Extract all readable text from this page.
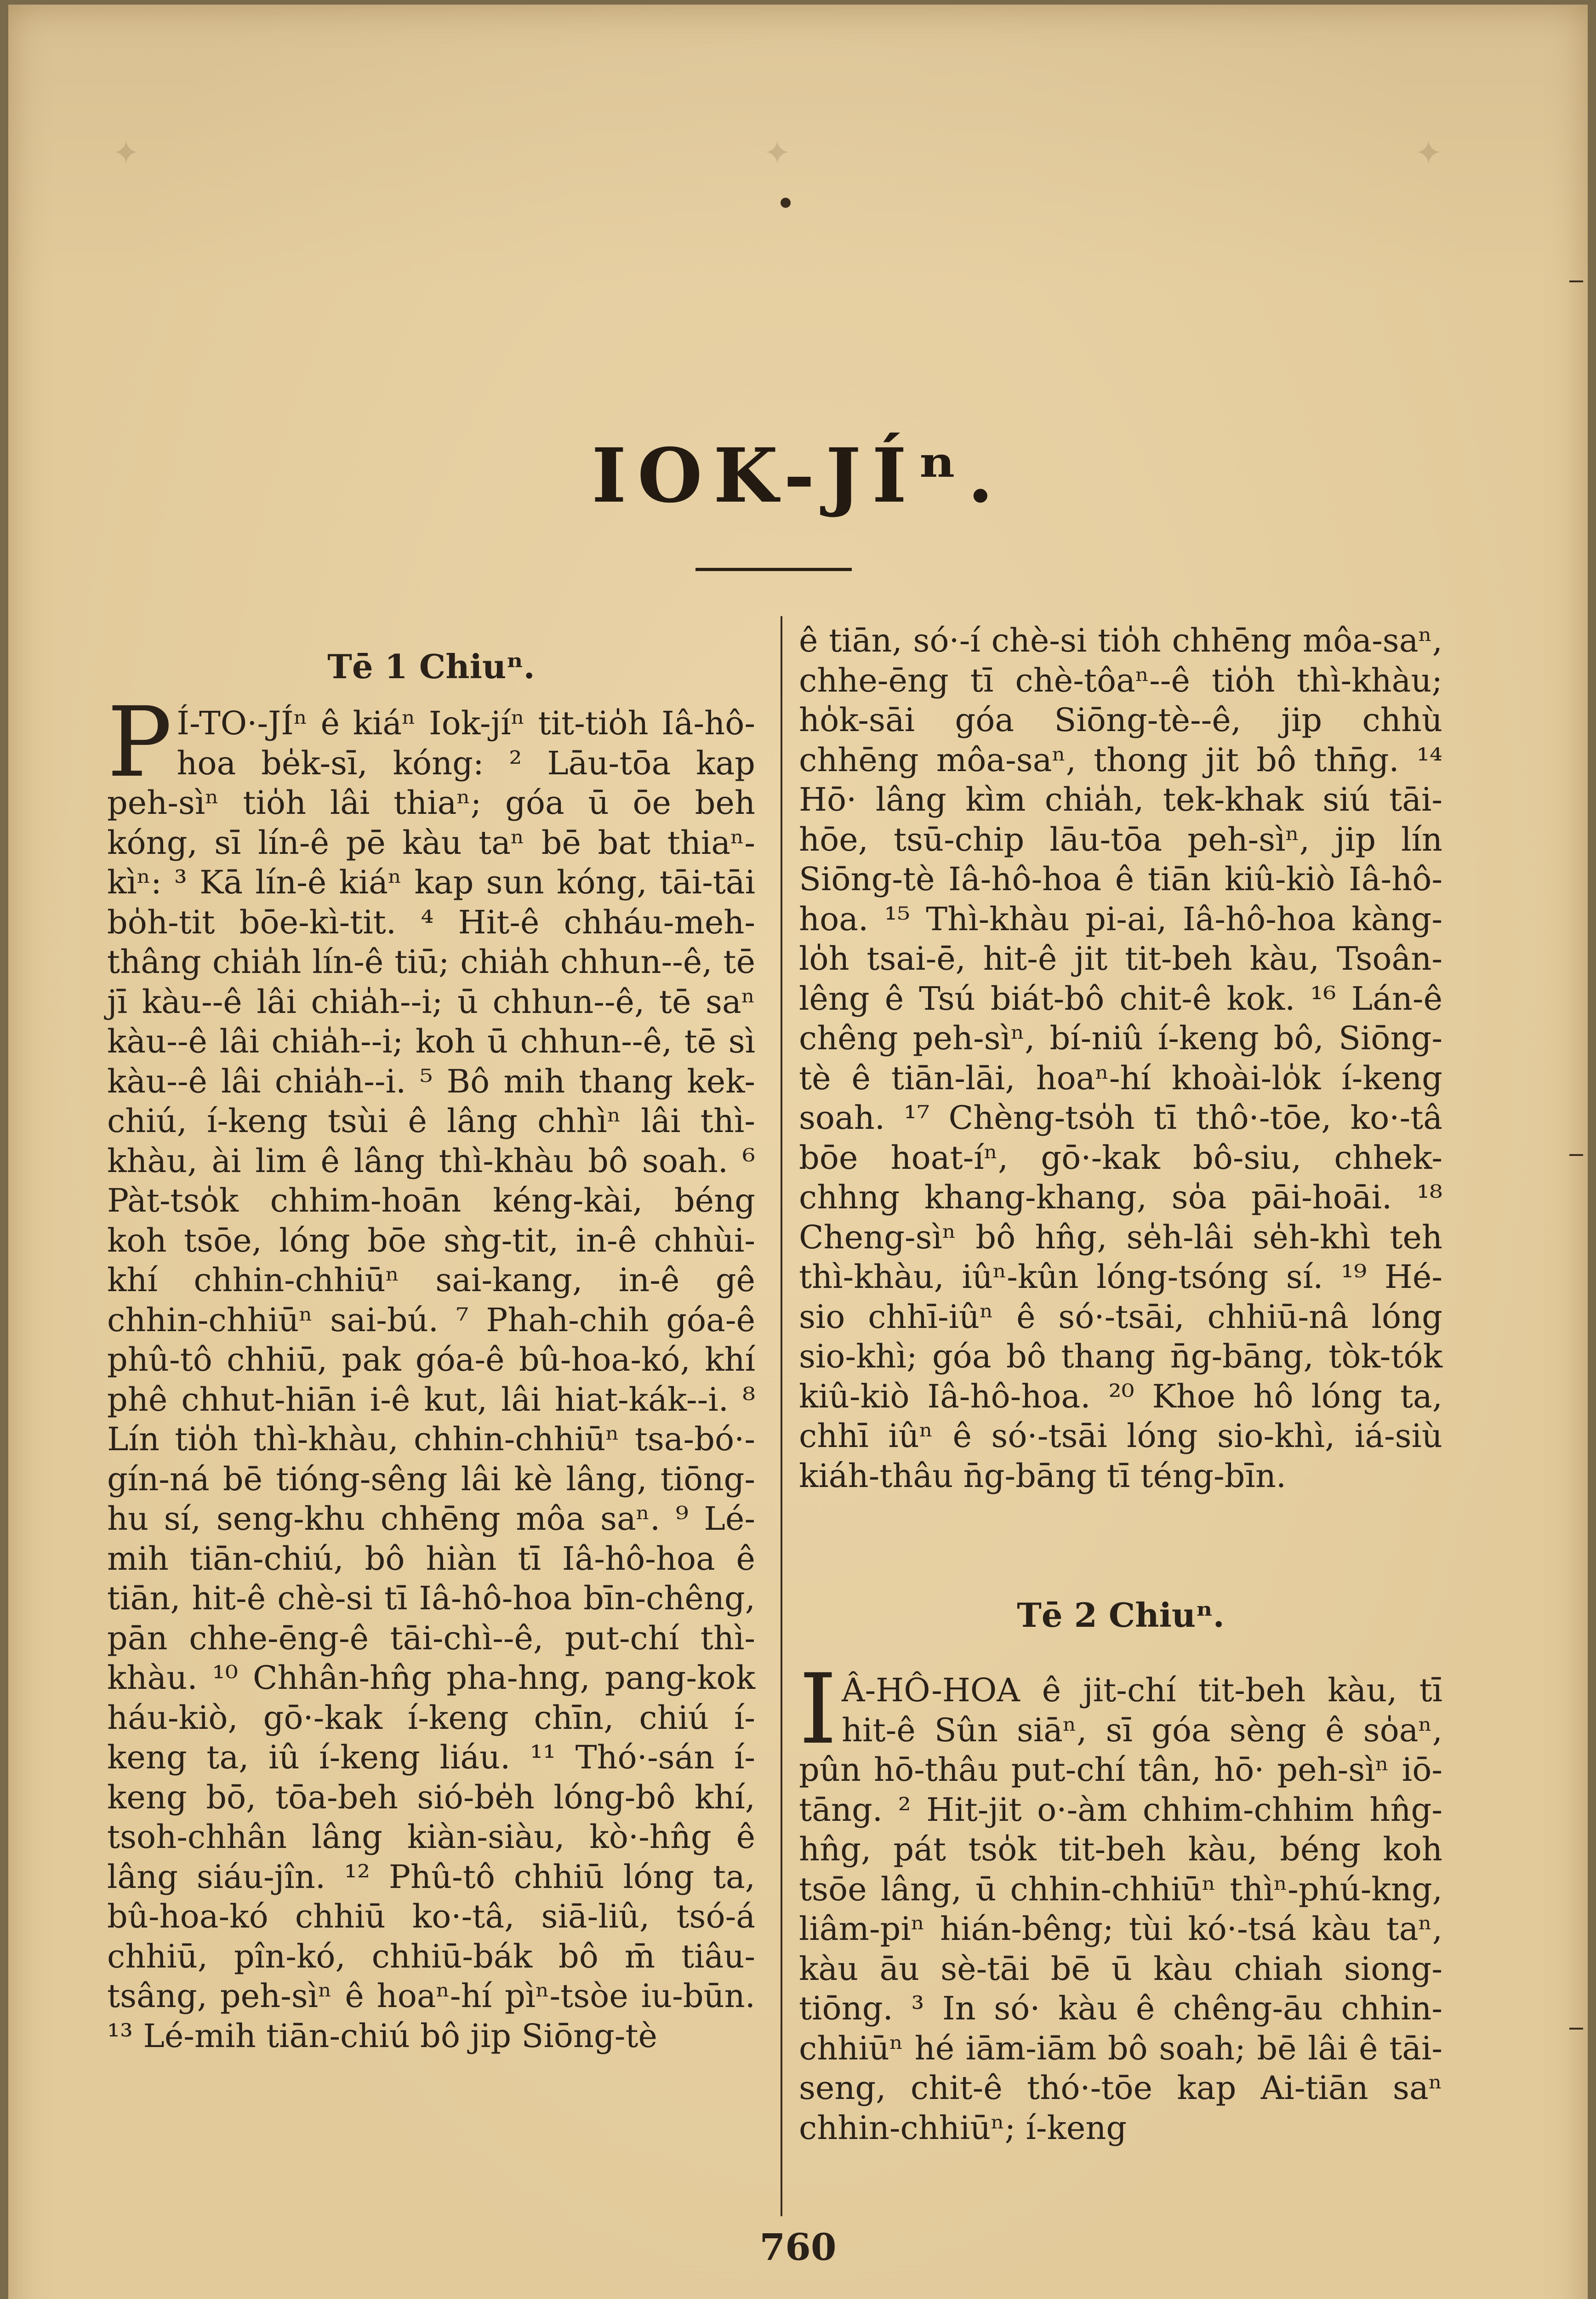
✦
✦
✦
IOK-JÍⁿ.
Tē 1 Chiuⁿ.

P Í-TO·-JÍⁿ ê kiáⁿ Iok-jíⁿ tit-tio̍h Iâ-hô-hoa be̍k-sī, kóng: ² Lāu-tōa kap peh-sìⁿ tio̍h lâi thiaⁿ; góa ū ōe beh kóng, sī lín-ê pē kàu taⁿ bē bat thiaⁿ-kìⁿ: ³ Kā lín-ê kiáⁿ kap sun kóng, tāi-tāi bo̍h-tit bōe-kì-tit. ⁴ Hit-ê chháu-meh-thâng chia̍h lín-ê tiū; chia̍h chhun--ê, tē jī kàu--ê lâi chia̍h--i; ū chhun--ê, tē saⁿ kàu--ê lâi chia̍h--i; koh ū chhun--ê, tē sì kàu--ê lâi chia̍h--i. ⁵ Bô mih thang kek-chiú, í-keng tsùi ê lâng chhìⁿ lâi thì-khàu, ài lim ê lâng thì-khàu bô soah. ⁶ Pàt-tso̍k chhim-hoān kéng-kài, béng koh tsōe, lóng bōe sǹg-tit, in-ê chhùi-khí chhin-chhiūⁿ sai-kang, in-ê gê chhin-chhiūⁿ sai-bú. ⁷ Phah-chih góa-ê phû-tô chhiū, pak góa-ê bû-hoa-kó, khí phê chhut-hiān i-ê kut, lâi hiat-kák--i. ⁸ Lín tio̍h thì-khàu, chhin-chhiūⁿ tsa-bó·-gín-ná bē tióng-sêng lâi kè lâng, tiōng-hu sí, seng-khu chhēng môa saⁿ. ⁹ Lé-mih tiān-chiú, bô hiàn tī Iâ-hô-hoa ê tiān, hit-ê chè-si tī Iâ-hô-hoa bīn-chêng, pān chhe-ēng-ê tāi-chì--ê, put-chí thì-khàu. ¹⁰ Chhân-hn̂g pha-hng, pang-kok háu-kiò, gō·-kak í-keng chīn, chiú í-keng ta, iû í-keng liáu. ¹¹ Thó·-sán í-keng bō, tōa-beh sió-be̍h lóng-bô khí, tsoh-chhân lâng kiàn-siàu, kò·-hn̂g ê lâng siáu-jîn. ¹² Phû-tô chhiū lóng ta, bû-hoa-kó chhiū ko·-tâ, siā-liû, tsó-á chhiū, pîn-kó, chhiū-bák bô m̄ tiâu-tsâng, peh-sìⁿ ê hoaⁿ-hí pìⁿ-tsòe iu-būn. ¹³ Lé-mih tiān-chiú bô jip Siōng-tè

ê tiān, só·-í chè-si tio̍h chhēng môa-saⁿ, chhe-ēng tī chè-tôaⁿ--ê tio̍h thì-khàu; ho̍k-sāi góa Siōng-tè--ê, jip chhù chhēng môa-saⁿ, thong jit bô thn̄g. ¹⁴ Hō· lâng kìm chia̍h, tek-khak siú tāi-hōe, tsū-chip lāu-tōa peh-sìⁿ, jip lín Siōng-tè Iâ-hô-hoa ê tiān kiû-kiò Iâ-hô-hoa. ¹⁵ Thì-khàu pi-ai, Iâ-hô-hoa kàng-lo̍h tsai-ē, hit-ê jit tit-beh kàu, Tsoân-lêng ê Tsú biát-bô chit-ê kok. ¹⁶ Lán-ê chêng peh-sìⁿ, bí-niû í-keng bô, Siōng-tè ê tiān-lāi, hoaⁿ-hí khoài-lo̍k í-keng soah. ¹⁷ Chèng-tso̍h tī thô·-tōe, ko·-tâ bōe hoat-íⁿ, gō·-kak bô-siu, chhek-chhng khang-khang, so̍a pāi-hoāi. ¹⁸ Cheng-sìⁿ bô hn̂g, se̍h-lâi se̍h-khì teh thì-khàu, iûⁿ-kûn lóng-tsóng sí. ¹⁹ Hé-sio chhī-iûⁿ ê só·-tsāi, chhiū-nâ lóng sio-khì; góa bô thang n̄g-bāng, tòk-tók kiû-kiò Iâ-hô-hoa. ²⁰ Khoe hô lóng ta, chhī iûⁿ ê só·-tsāi lóng sio-khì, iá-siù kiáh-thâu n̄g-bāng tī téng-bīn.

Tē 2 Chiuⁿ.

I Â-HÔ-HOA ê jit-chí tit-beh kàu, tī hit-ê Sûn siāⁿ, sī góa sèng ê so̍aⁿ, pûn hō-thâu put-chí tân, hō· peh-sìⁿ iō-tāng. ² Hit-jit o·-àm chhim-chhim hn̂g-hn̂g, pát tso̍k tit-beh kàu, béng koh tsōe lâng, ū chhin-chhiūⁿ thìⁿ-phú-kng, liâm-piⁿ hián-bêng; tùi kó·-tsá kàu taⁿ, kàu āu sè-tāi bē ū kàu chiah siong-tiōng. ³ In só· kàu ê chêng-āu chhin-chhiūⁿ hé iām-iām bô soah; bē lâi ê tāi-seng, chit-ê thó·-tōe kap Ai-tiān saⁿ chhin-chhiūⁿ; í-keng

760
